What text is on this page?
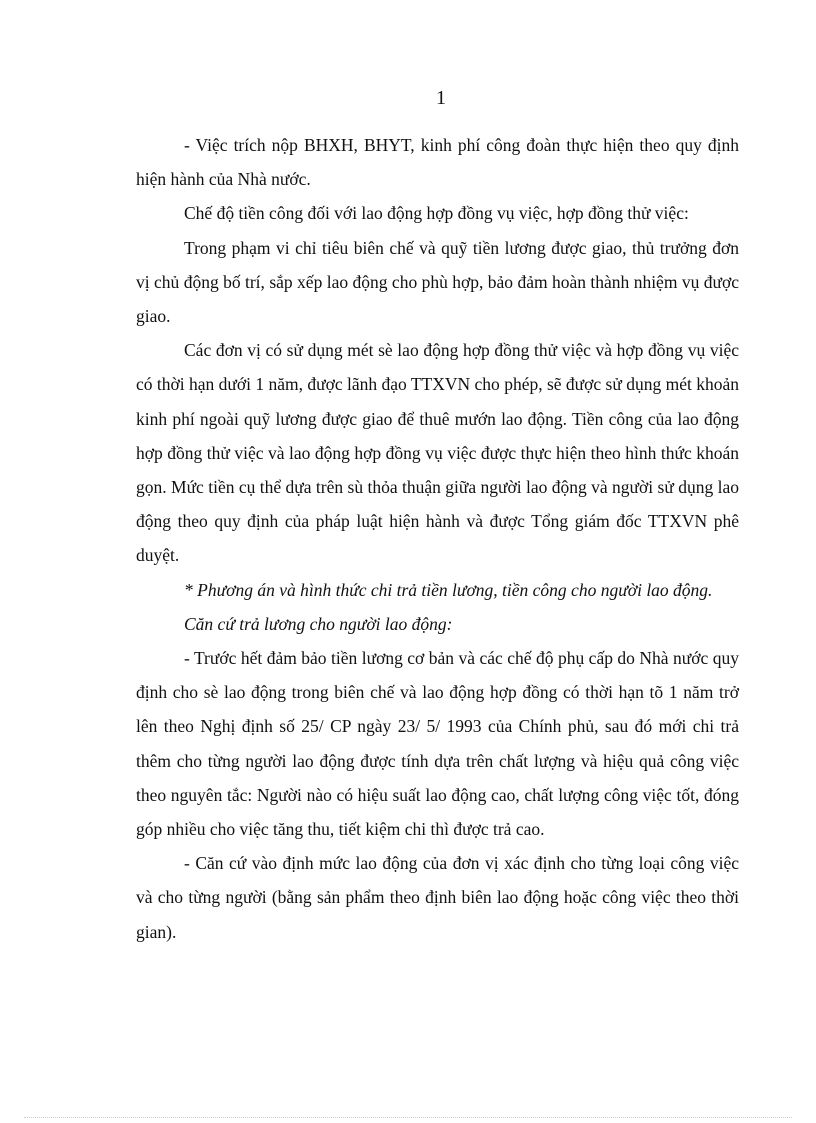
1

- Việc trích nộp BHXH, BHYT, kinh phí công đoàn thực hiện theo quy định hiện hành của Nhà nước.

Chế độ tiền công đối với lao động hợp đồng vụ việc, hợp đồng thử việc:

Trong phạm vi chỉ tiêu biên chế và quỹ tiền lương được giao, thủ trưởng đơn vị chủ động bố trí, sắp xếp lao động cho phù hợp, bảo đảm hoàn thành nhiệm vụ được giao.

Các đơn vị có sử dụng mét sè lao động hợp đồng thử việc và hợp đồng vụ việc có thời hạn dưới 1 năm, được lãnh đạo TTXVN cho phép, sẽ được sử dụng mét khoản kinh phí ngoài quỹ lương được giao để thuê mướn lao động. Tiền công của lao động hợp đồng thử việc và lao động hợp đồng vụ việc được thực hiện theo hình thức khoán gọn. Mức tiền cụ thể dựa trên sù thỏa thuận giữa người lao động và người sử dụng lao động theo quy định của pháp luật hiện hành và được Tổng giám đốc TTXVN phê duyệt.

* Phương án và hình thức chi trả tiền lương, tiền công cho người lao động.

Căn cứ trả lương cho người lao động:

- Trước hết đảm bảo tiền lương cơ bản và các chế độ phụ cấp do Nhà nước quy định cho sè lao động trong biên chế và lao động hợp đồng có thời hạn tõ 1 năm trở lên theo Nghị định số 25/ CP ngày 23/ 5/ 1993 của Chính phủ, sau đó mới chi trả thêm cho từng người lao động được tính dựa trên chất lượng và hiệu quả công việc theo nguyên tắc: Người nào có hiệu suất lao động cao, chất lượng công việc tốt, đóng góp nhiều cho việc tăng thu, tiết kiệm chi thì được trả cao.

- Căn cứ vào định mức lao động của đơn vị xác định cho từng loại công việc và cho từng người (bằng sản phẩm theo định biên lao động hoặc công việc theo thời gian).
